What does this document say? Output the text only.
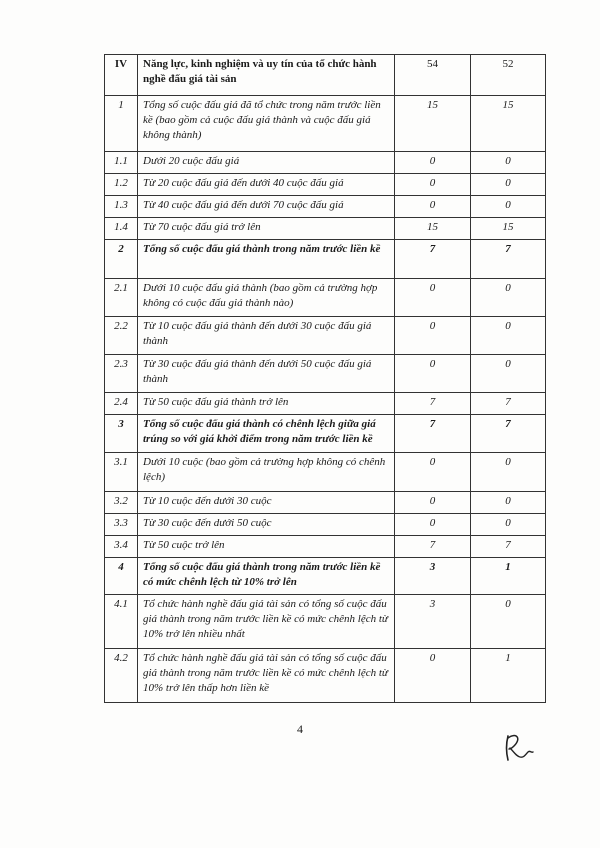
IV	Năng lực, kinh nghiệm và uy tín của tổ chức hành nghề đấu giá tài sản	54	52
1	Tổng số cuộc đấu giá đã tổ chức trong năm trước liền kề (bao gồm cả cuộc đấu giá thành và cuộc đấu giá không thành)	15	15
1.1	Dưới 20 cuộc đấu giá	0	0
1.2	Từ 20 cuộc đấu giá đến dưới 40 cuộc đấu giá	0	0
1.3	Từ 40 cuộc đấu giá đến dưới 70 cuộc đấu giá	0	0
1.4	Từ 70 cuộc đấu giá trở lên	15	15
2	Tổng số cuộc đấu giá thành trong năm trước liền kề	7	7
2.1	Dưới 10 cuộc đấu giá thành (bao gồm cả trường hợp không có cuộc đấu giá thành nào)	0	0
2.2	Từ 10 cuộc đấu giá thành đến dưới 30 cuộc đấu giá thành	0	0
2.3	Từ 30 cuộc đấu giá thành đến dưới 50 cuộc đấu giá thành	0	0
2.4	Từ 50 cuộc đấu giá thành trở lên	7	7
3	Tổng số cuộc đấu giá thành có chênh lệch giữa giá trúng so với giá khởi điểm trong năm trước liền kề	7	7
3.1	Dưới 10 cuộc (bao gồm cả trường hợp không có chênh lệch)	0	0
3.2	Từ 10 cuộc đến dưới 30 cuộc	0	0
3.3	Từ 30 cuộc đến dưới 50 cuộc	0	0
3.4	Từ 50 cuộc trở lên	7	7
4	Tổng số cuộc đấu giá thành trong năm trước liền kề có mức chênh lệch từ 10% trở lên	3	1
4.1	Tổ chức hành nghề đấu giá tài sản có tổng số cuộc đấu giá thành trong năm trước liền kề có mức chênh lệch từ 10% trở lên nhiều nhất	3	0
4.2	Tổ chức hành nghề đấu giá tài sản có tổng số cuộc đấu giá thành trong năm trước liền kề có mức chênh lệch từ 10% trở lên thấp hơn liền kề	0	1
4
